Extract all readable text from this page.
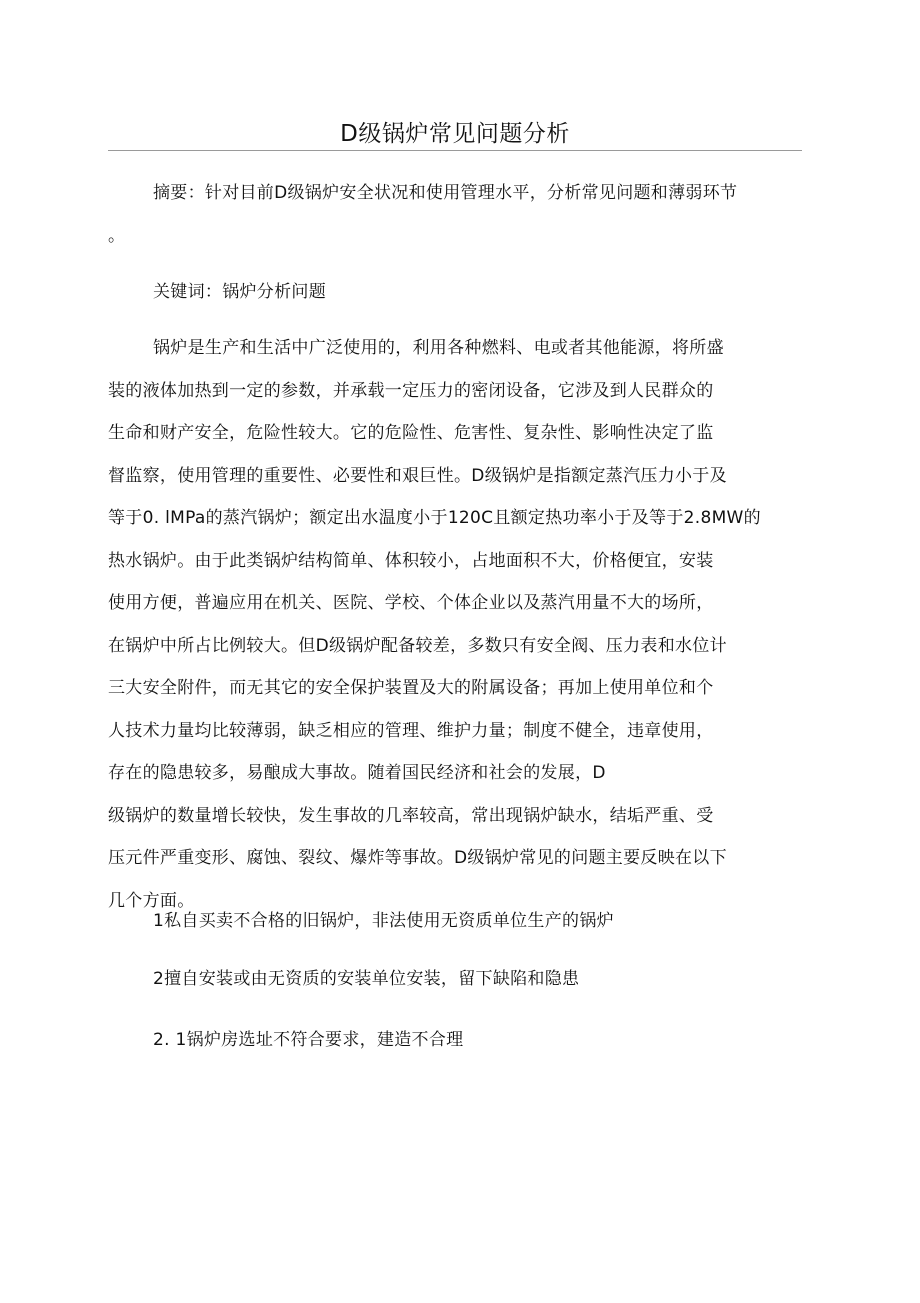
D级锅炉常见问题分析
摘要：针对目前D级锅炉安全状况和使用管理水平，分析常见问题和薄弱环节
。
关键词：锅炉分析问题
锅炉是生产和生活中广泛使用的，利用各种燃料、电或者其他能源，将所盛
装的液体加热到一定的参数，并承载一定压力的密闭设备，它涉及到人民群众的
生命和财产安全，危险性较大。它的危险性、危害性、复杂性、影响性决定了监
督监察，使用管理的重要性、必要性和艰巨性。D级锅炉是指额定蒸汽压力小于及
等于0. lMPa的蒸汽锅炉；额定出水温度小于120C且额定热功率小于及等于2.8MW的
热水锅炉。由于此类锅炉结构简单、体积较小，占地面积不大，价格便宜，安装
使用方便，普遍应用在机关、医院、学校、个体企业以及蒸汽用量不大的场所，
在锅炉中所占比例较大。但D级锅炉配备较差，多数只有安全阀、压力表和水位计
三大安全附件，而无其它的安全保护装置及大的附属设备；再加上使用单位和个
人技术力量均比较薄弱，缺乏相应的管理、维护力量；制度不健全，违章使用，
存在的隐患较多，易酿成大事故。随着国民经济和社会的发展，D
级锅炉的数量增长较快，发生事故的几率较高，常出现锅炉缺水，结垢严重、受
压元件严重变形、腐蚀、裂纹、爆炸等事故。D级锅炉常见的问题主要反映在以下
几个方面。
1私自买卖不合格的旧锅炉，非法使用无资质单位生产的锅炉
2擅自安装或由无资质的安装单位安装，留下缺陷和隐患
2. 1锅炉房选址不符合要求，建造不合理
